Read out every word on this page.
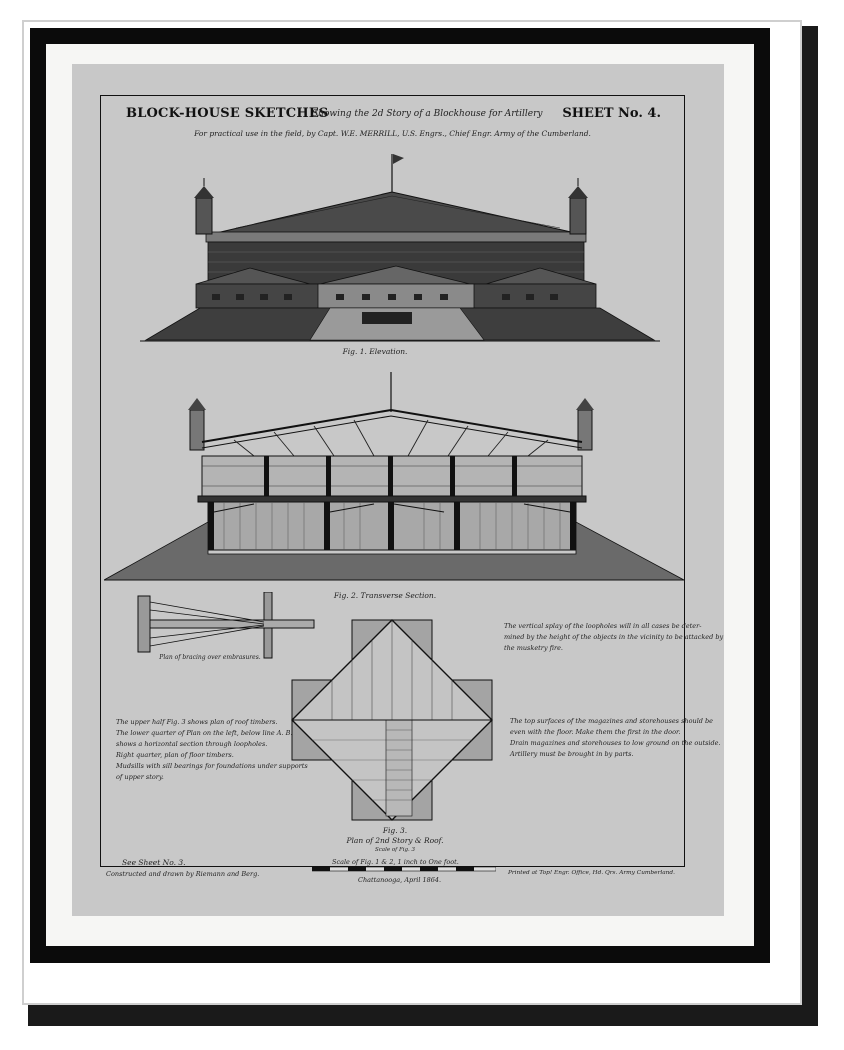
BLOCK-HOUSE SKETCHES
Showing the 2d Story of a Blockhouse for Artillery SHEET No. 4.
For practical use in the field, by Capt. W.E. MERRILL, U.S. Engrs., Chief Engr. Army of the Cumberland.
Fig. 1. Elevation.
Fig. 2. Transverse Section.
Plan of bracing over embrasures.
Fig. 3.
Plan of 2nd Story & Roof.
Scale of Fig. 3
The vertical splay of the loopholes will in all cases be deter-
mined by the height of the objects in the vicinity to be attacked by
the musketry fire.
The upper half Fig. 3 shows plan of roof timbers.
The lower quarter of Plan on the left, below line A. B.
shows a horizontal section through loopholes.
Right quarter, plan of floor timbers.
Mudsills with sill bearings for foundations under supports
of upper story.
The top surfaces of the magazines and storehouses should be
even with the floor. Make them the first in the door.
Drain magazines and storehouses to low ground on the outside.
Artillery must be brought in by parts.
See Sheet No. 3.
Constructed and drawn by Riemann and Berg.
Scale of Fig. 1 & 2, 1 inch to One foot.
Chattanooga, April 1864.
Printed at Top! Engr. Office, Hd. Qrs. Army Cumberland.
